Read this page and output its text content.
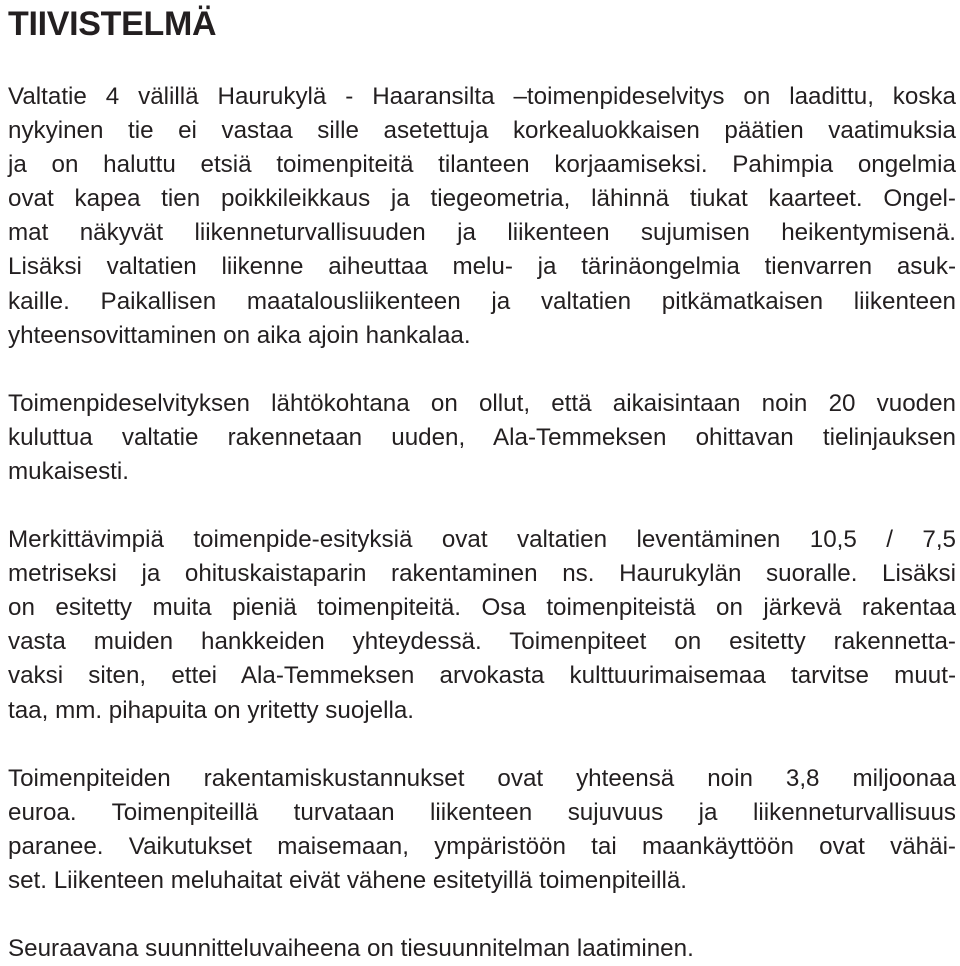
TIIVISTELMÄ

Valtatie 4 välillä Haurukylä - Haaransilta –toimenpideselvitys on laadittu, koska
nykyinen tie ei vastaa sille asetettuja korkealuokkaisen päätien vaatimuksia
ja on haluttu etsiä toimenpiteitä tilanteen korjaamiseksi. Pahimpia ongelmia
ovat kapea tien poikkileikkaus ja tiegeometria, lähinnä tiukat kaarteet. Ongel-
mat näkyvät liikenneturvallisuuden ja liikenteen sujumisen heikentymisenä.
Lisäksi valtatien liikenne aiheuttaa melu- ja tärinäongelmia tienvarren asuk-
kaille. Paikallisen maatalousliikenteen ja valtatien pitkämatkaisen liikenteen
yhteensovittaminen on aika ajoin hankalaa.

Toimenpideselvityksen lähtökohtana on ollut, että aikaisintaan noin 20 vuoden
kuluttua valtatie rakennetaan uuden, Ala-Temmeksen ohittavan tielinjauksen
mukaisesti.

Merkittävimpiä toimenpide-esityksiä ovat valtatien leventäminen 10,5 / 7,5
metriseksi ja ohituskaistaparin rakentaminen ns. Haurukylän suoralle. Lisäksi
on esitetty muita pieniä toimenpiteitä. Osa toimenpiteistä on järkevä rakentaa
vasta muiden hankkeiden yhteydessä. Toimenpiteet on esitetty rakennetta-
vaksi siten, ettei Ala-Temmeksen arvokasta kulttuurimaisemaa tarvitse muut-
taa, mm. pihapuita on yritetty suojella.

Toimenpiteiden rakentamiskustannukset ovat yhteensä noin 3,8 miljoonaa
euroa. Toimenpiteillä turvataan liikenteen sujuvuus ja liikenneturvallisuus
paranee. Vaikutukset maisemaan, ympäristöön tai maankäyttöön ovat vähäi-
set. Liikenteen meluhaitat eivät vähene esitetyillä toimenpiteillä.

Seuraavana suunnitteluvaiheena on tiesuunnitelman laatiminen.
